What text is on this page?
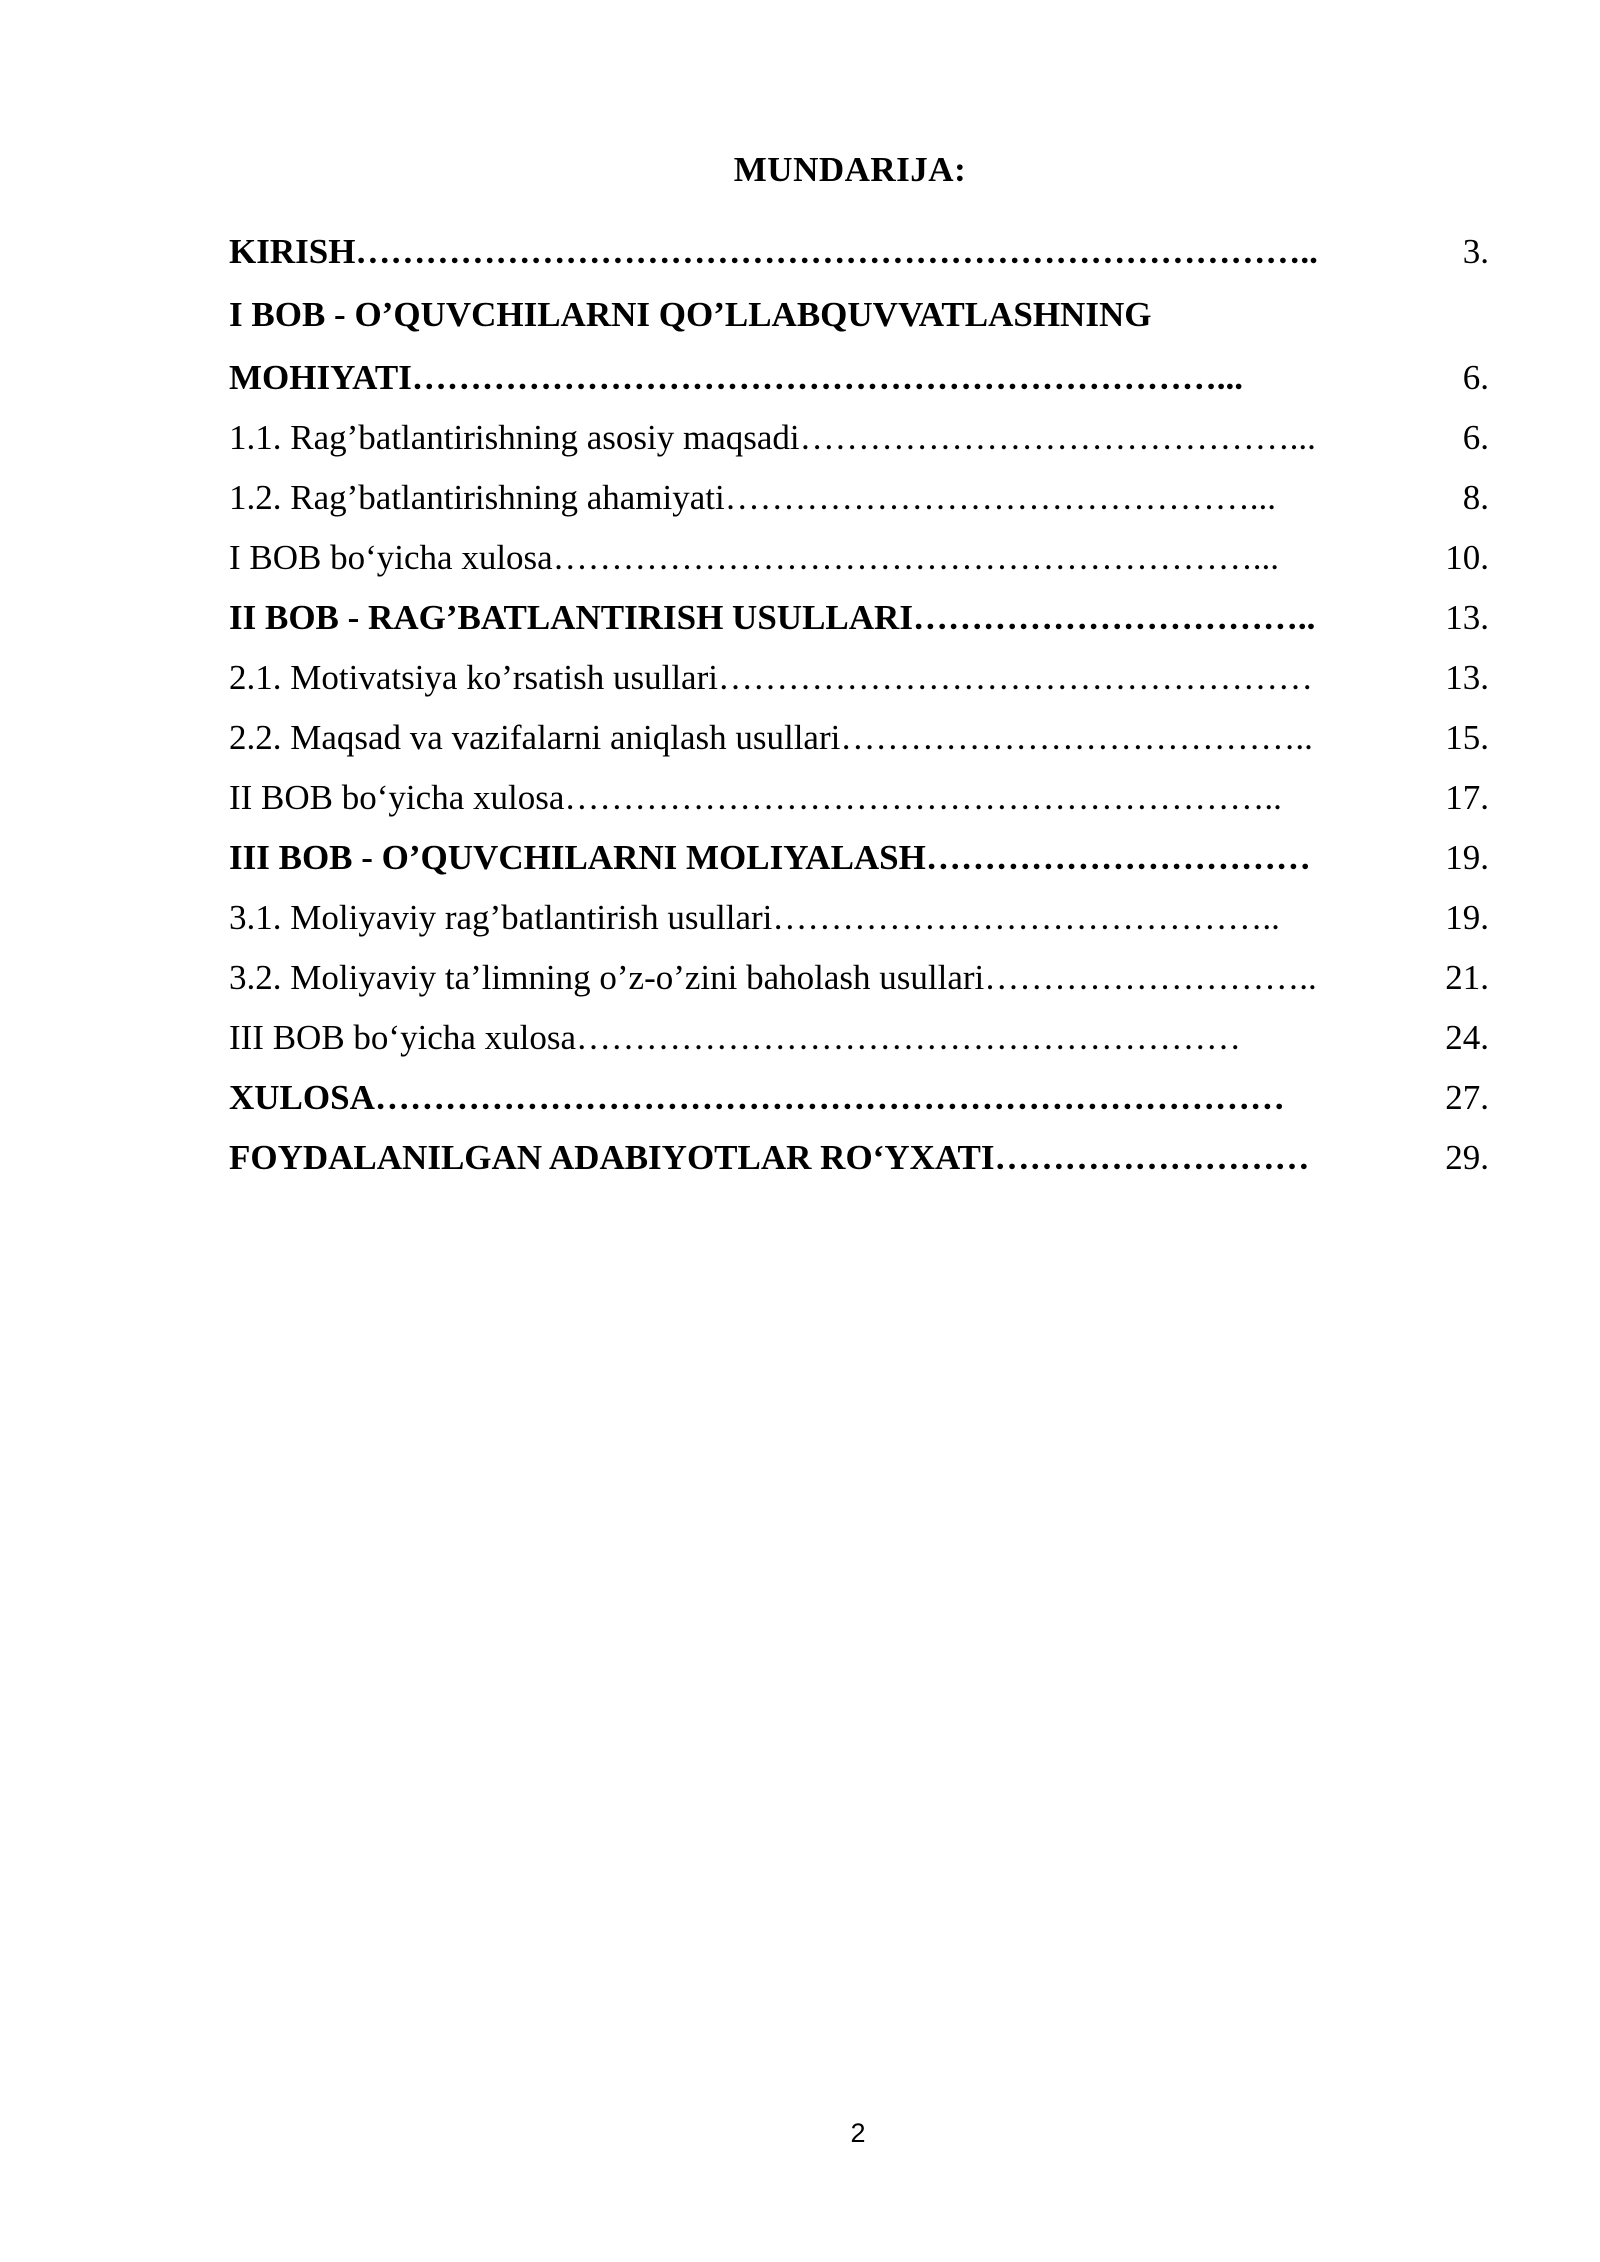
MUNDARIJA:
KIRISH………………………………………………………………………..	3.
I BOB - O’QUVCHILARNI QO’LLABQUVVATLASHNING
MOHIYATI……………………………………………………………...	6.
1.1. Rag’batlantirishning asosiy maqsadi……………………………………...	6.
1.2. Rag’batlantirishning ahamiyati………………………………………...	8.
I BOB bo‘yicha xulosa……………………………………………………...	10.
II BOB - RAG’BATLANTIRISH USULLARI……………………………..	13.
2.1. Motivatsiya ko’rsatish usullari……………………………………………	13.
2.2. Maqsad va vazifalarni aniqlash usullari…………………………………..	15.
II BOB bo‘yicha xulosa……………………………………………………..	17.
III BOB - O’QUVCHILARNI MOLIYALASH……………………………	19.
3.1. Moliyaviy rag’batlantirish usullari……………………………………..	19.
3.2. Moliyaviy ta’limning o’z-o’zini baholash usullari………………………..	21.
III BOB bo‘yicha xulosa…………………………………………………	24.
XULOSA……………………………………………………………………	27.
FOYDALANILGAN ADABIYOTLAR RO‘YXATI………………………	29.
2
